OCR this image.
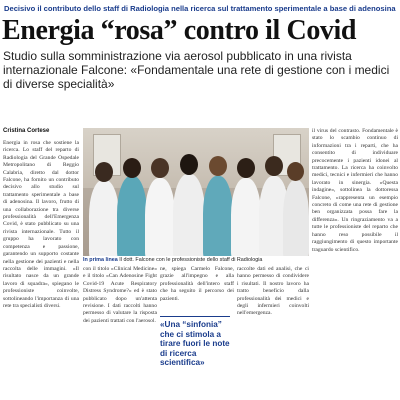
Decisivo il contributo dello staff di Radiologia nella ricerca sul trattamento sperimentale a base di adenosina
Energia “rosa” contro il Covid
Studio sulla somministrazione via aerosol pubblicato in una rivista internazionale Falcone: «Fondamentale una rete di gestione con i medici di diverse specialità»
Cristina Cortese
Energia in rosa che sostiene la ricerca. Lo staff del reparto di Radiologia del Grande Ospedale Metropolitano di Reggio Calabria, diretto dal dottor Falcone, ha fornito un contributo decisivo allo studio sul trattamento sperimentale a base di adenosina. Il lavoro, frutto di una collaborazione tra diverse professionalità dell'Emergenza Covid, è stato pubblicato su una rivista internazionale. Tutto il gruppo ha lavorato con competenza e passione, garantendo un supporto costante nella gestione dei pazienti e nella raccolta delle immagini. «Il risultato nasce da un grande lavoro di squadra», spiegano le professioniste coinvolte, sottolineando l'importanza di una rete tra specialisti diversi.
In prima linea Il dott. Falcone con le professioniste dello staff di Radiologia
con il titolo «Clinical Medicine» e il titolo «Can Adenosine Fight Covid-19 Acute Respiratory Distress Syndrome?» ed è stato pubblicato dopo un'attenta revisione. I dati raccolti hanno permesso di valutare la risposta dei pazienti trattati con l'aerosol.
ne, spiega Carmelo Falcone, grazie all'impegno e alla professionalità dell'intero staff che ha seguito il percorso dei pazienti.
«Una “sinfonia” che ci stimola a tirare fuori le note di ricerca scientifica»
raccolte dati ed analisi, che ci hanno permesso di condividere i risultati. Il nostro lavoro ha tratto beneficio dalla professionalità dei medici e degli infermieri coinvolti nell'emergenza.
il virus del contrasto. Fondamentale è stato lo scambio continuo di informazioni tra i reparti, che ha consentito di individuare precocemente i pazienti idonei al trattamento. La ricerca ha coinvolto medici, tecnici e infermieri che hanno lavorato in sinergia. «Questa indagine», sottolinea la dottoressa Falcone, «rappresenta un esempio concreto di come una rete di gestione ben organizzata possa fare la differenza». Un ringraziamento va a tutte le professioniste del reparto che hanno reso possibile il raggiungimento di questo importante traguardo scientifico.
